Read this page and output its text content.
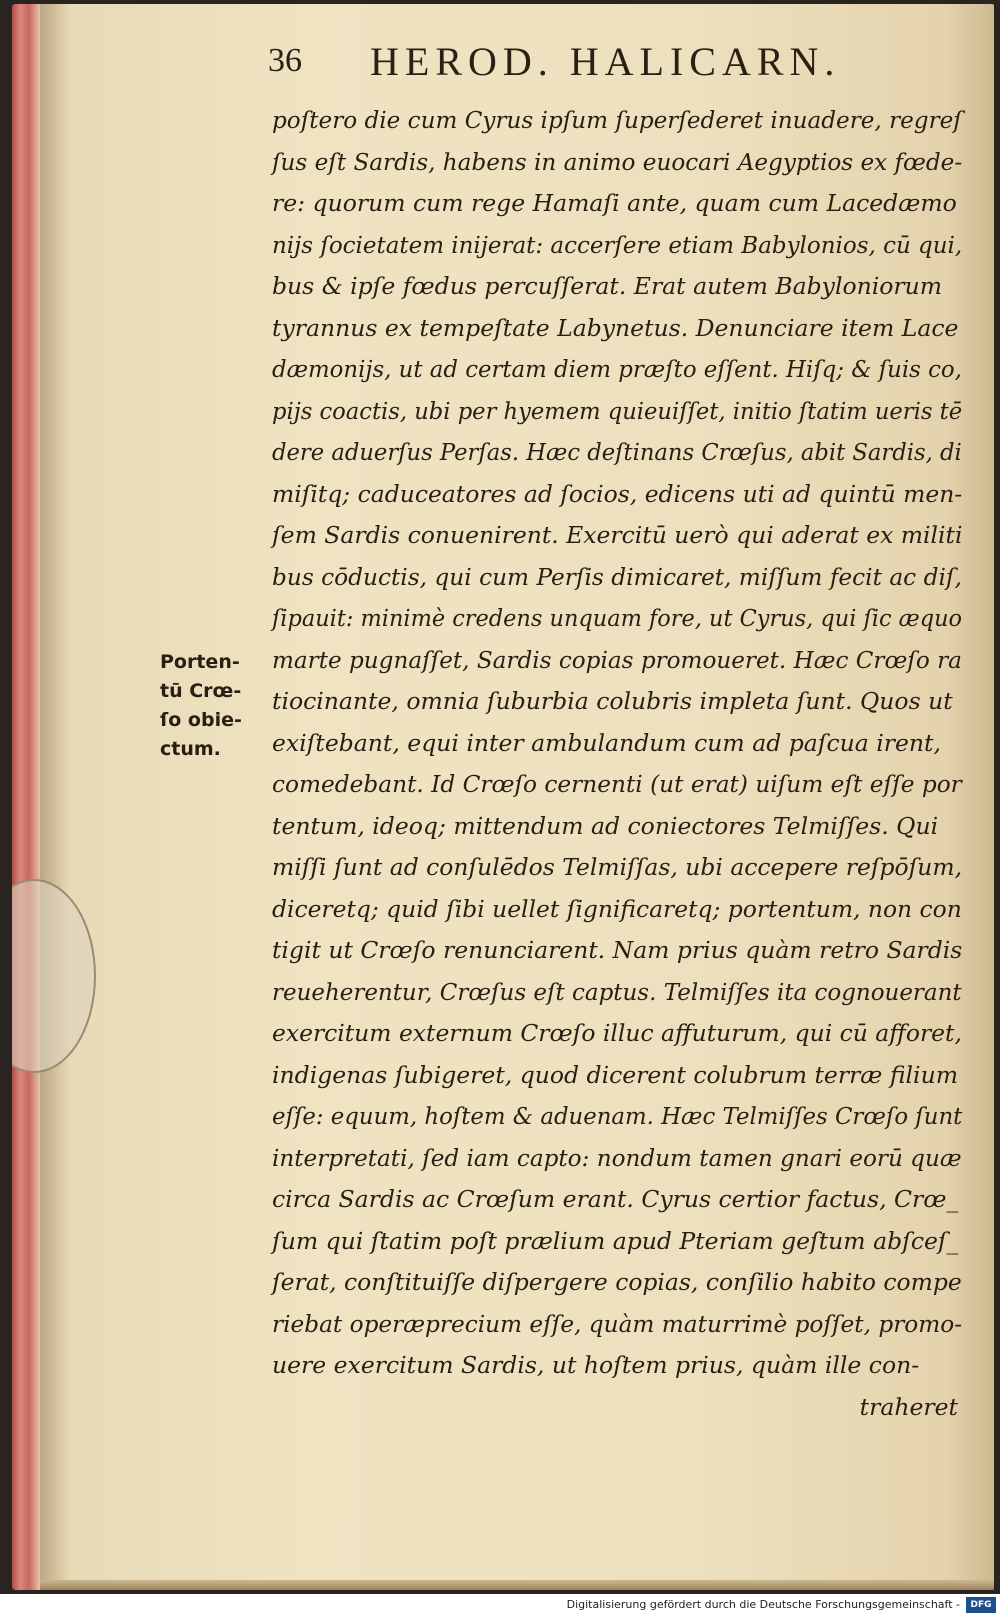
36 HEROD. HALICARN.
Porten-
tū Crœ-
ſo obie-
ctum.
poſtero die cum Cyrus ipſum ſuperſederet inuadere, regreſ
ſus eſt Sardis, habens in animo euocari Aegyptios ex fœde-
re: quorum cum rege Hamaſi ante, quam cum Lacedæmo
nijs ſocietatem inijerat: accerſere etiam Babylonios, cū qui,
bus & ipſe fœdus percuſſerat. Erat autem Babyloniorum
tyrannus ex tempeſtate Labynetus. Denunciare item Lace
dæmonijs, ut ad certam diem præſto eſſent. Hiſq; & ſuis co,
pijs coactis, ubi per hyemem quieuiſſet, initio ſtatim ueris tē
dere aduerſus Perſas. Hæc deſtinans Crœſus, abit Sardis, di
miſitq; caduceatores ad ſocios, edicens uti ad quintū men-
ſem Sardis conuenirent. Exercitū uerò qui aderat ex militi
bus cōductis, qui cum Perſis dimicaret, miſſum fecit ac diſ,
ſipauit: minimè credens unquam fore, ut Cyrus, qui ſic æquo
marte pugnaſſet, Sardis copias promoueret. Hæc Crœſo ra
tiocinante, omnia ſuburbia colubris impleta ſunt. Quos ut
exiſtebant, equi inter ambulandum cum ad paſcua irent,
comedebant. Id Crœſo cernenti (ut erat) uiſum eſt eſſe por
tentum, ideoq; mittendum ad coniectores Telmiſſes. Qui
miſſi ſunt ad conſulēdos Telmiſſas, ubi accepere reſpōſum,
diceretq; quid ſibi uellet ſignificaretq; portentum, non con
tigit ut Crœſo renunciarent. Nam prius quàm retro Sardis
reueherentur, Crœſus eſt captus. Telmiſſes ita cognouerant
exercitum externum Crœſo illuc affuturum, qui cū afforet,
indigenas ſubigeret, quod dicerent colubrum terræ filium
eſſe: equum, hoſtem & aduenam. Hæc Telmiſſes Crœſo ſunt
interpretati, ſed iam capto: nondum tamen gnari eorū quæ
circa Sardis ac Crœſum erant. Cyrus certior factus, Crœ_
ſum qui ſtatim poſt prælium apud Pteriam geſtum abſceſ_
ſerat, conſtituiſſe diſpergere copias, conſilio habito compe
riebat operæprecium eſſe, quàm maturrimè poſſet, promo-
uere exercitum Sardis, ut hoſtem prius, quàm ille con-
traheret
Digitalisierung gefördert durch die Deutsche Forschungsgemeinschaft -	DFG
